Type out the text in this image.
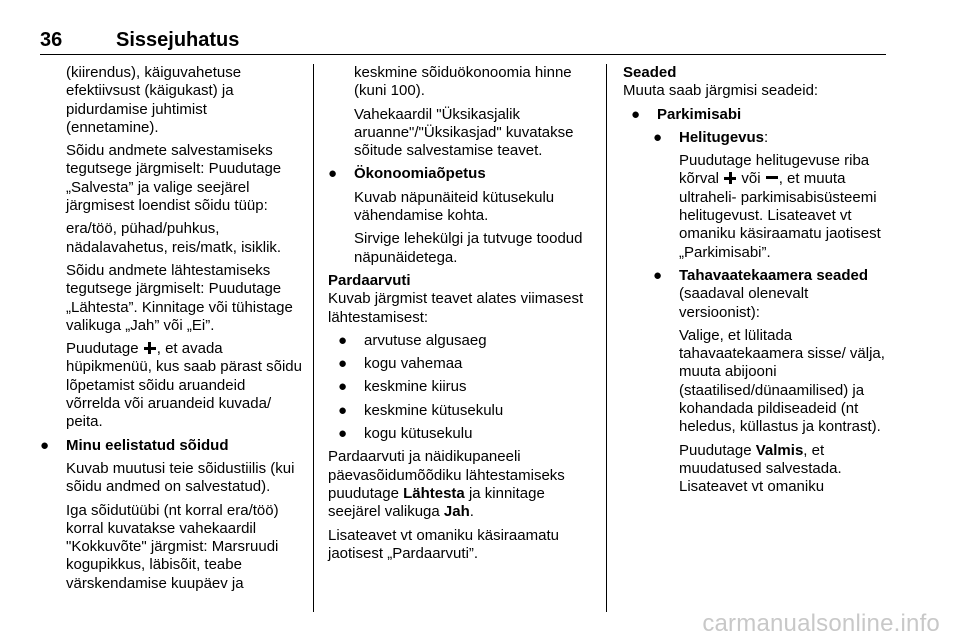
36	Sissejuhatus

(kiirendus), käiguvahetuse efektiivsust (käigukast) ja pidurdamise juhtimist (ennetamine).

Sõidu andmete salvestamiseks tegutsege järgmiselt: Puudutage „Salvesta” ja valige seejärel järgmisest loendist sõidu tüüp:

era/töö, pühad/puhkus, nädalavahetus, reis/matk, isiklik.

Sõidu andmete lähtestamiseks tegutsege järgmiselt: Puudutage „Lähtesta”. Kinnitage või tühistage valikuga „Jah” või „Ei”.

Puudutage , et avada hüpikmenüü, kus saab pärast sõidu lõpetamist sõidu aruandeid võrrelda või aruandeid kuvada/ peita.

● Minu eelistatud sõidud

Kuvab muutusi teie sõidustiilis (kui sõidu andmed on salvestatud).

Iga sõidutüübi (nt korral era/töö) korral kuvatakse vahekaardil "Kokkuvõte" järgmist: Marsruudi kogupikkus, läbisõit, teabe värskendamise kuupäev ja

keskmine sõiduökonoomia hinne (kuni 100).

Vahekaardil "Üksikasjalik aruanne"/"Üksikasjad" kuvatakse sõitude salvestamise teavet.

● Ökonoomiaõpetus

Kuvab näpunäiteid kütusekulu vähendamise kohta.

Sirvige lehekülgi ja tutvuge toodud näpunäidetega.

Pardaarvuti

Kuvab järgmist teavet alates viimasest lähtestamisest:

● arvutuse algusaeg
● kogu vahemaa
● keskmine kiirus
● keskmine kütusekulu
● kogu kütusekulu

Pardaarvuti ja näidikupaneeli päevasõidumõõdiku lähtestamiseks puudutage Lähtesta ja kinnitage seejärel valikuga Jah.

Lisateavet vt omaniku käsiraamatu jaotisest „Pardaarvuti”.

Seaded

Muuta saab järgmisi seadeid:

● Parkimisabi
● Helitugevus:

Puudutage helitugevuse riba kõrval või , et muuta ultraheli- parkimisabisüsteemi helitugevust. Lisateavet vt omaniku käsiraamatu jaotisest „Parkimisabi”.

● Tahavaatekaamera seaded (saadaval olenevalt versioonist):

Valige, et lülitada tahavaatekaamera sisse/ välja, muuta abijooni (staatilised/dünaamilised) ja kohandada pildiseadeid (nt heledus, küllastus ja kontrast).

Puudutage Valmis, et muudatused salvestada. Lisateavet vt omaniku

carmanualsonline.info
